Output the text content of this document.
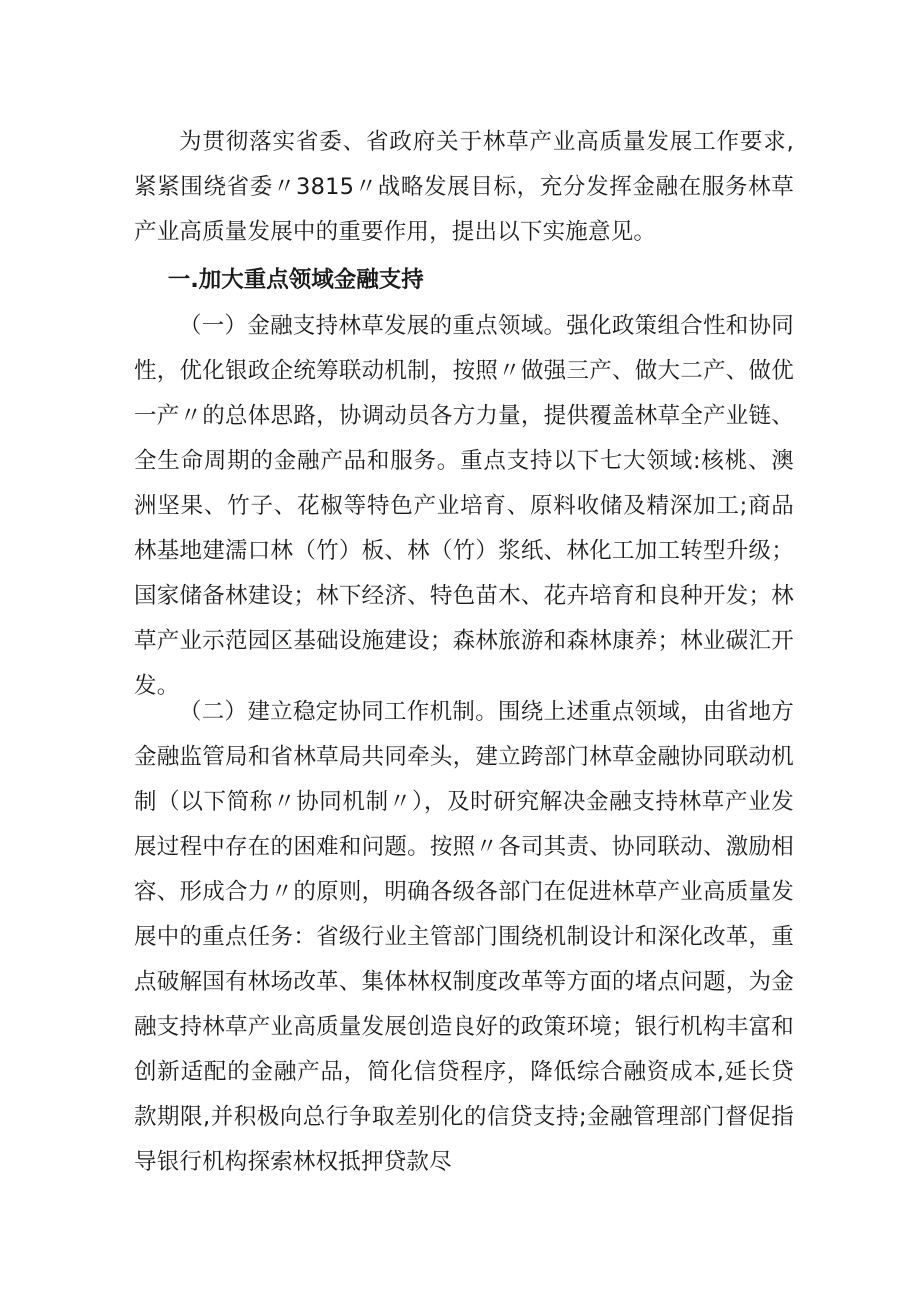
为贯彻落实省委、省政府关于林草产业高质量发展工作要求,紧紧围绕省委〃3815〃战略发展目标，充分发挥金融在服务林草产业高质量发展中的重要作用，提出以下实施意见。

一.加大重点领域金融支持

（一）金融支持林草发展的重点领域。强化政策组合性和协同性，优化银政企统筹联动机制，按照〃做强三产、做大二产、做优一产〃的总体思路，协调动员各方力量，提供覆盖林草全产业链、全生命周期的金融产品和服务。重点支持以下七大领域:核桃、澳洲坚果、竹子、花椒等特色产业培育、原料收储及精深加工;商品林基地建濡口林（竹）板、林（竹）浆纸、林化工加工转型升级；国家储备林建设；林下经济、特色苗木、花卉培育和良种开发；林草产业示范园区基础设施建设；森林旅游和森林康养；林业碳汇开发。

（二）建立稳定协同工作机制。围绕上述重点领域，由省地方金融监管局和省林草局共同牵头，建立跨部门林草金融协同联动机制（以下简称〃协同机制〃），及时研究解决金融支持林草产业发展过程中存在的困难和问题。按照〃各司其责、协同联动、激励相容、形成合力〃的原则，明确各级各部门在促进林草产业高质量发展中的重点任务：省级行业主管部门围绕机制设计和深化改革，重点破解国有林场改革、集体林权制度改革等方面的堵点问题，为金融支持林草产业高质量发展创造良好的政策环境；银行机构丰富和创新适配的金融产品，简化信贷程序，降低综合融资成本,延长贷款期限,并积极向总行争取差别化的信贷支持;金融管理部门督促指导银行机构探索林权抵押贷款尽
